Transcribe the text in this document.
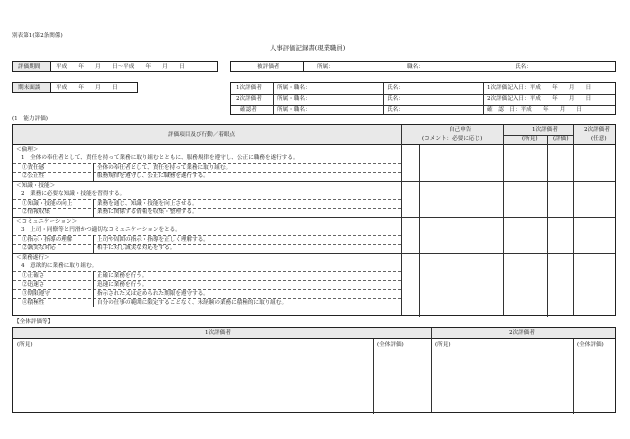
別表第1(第2条関係)
人事評価記録書(現業職員)
評価期間	平成　　年　　月　　日〜平成　　年　　月　　日	被評価者	所属：	職名：	氏名：
期末面談	平成　　年　　月　　日	1次評価者	所属・職名：	氏名：	1次評価記入日：平成　　年　　月　　日
2次評価者	所属・職名：	氏名：	2次評価記入日：平成　　年　　月　　日
確認者	所属・職名：	氏名：	確　認　日：平成　　年　　月　　日
(1　能力評価)
評価項目及び行動／着眼点
自己申告
(コメント：必要に応じ)
1次評価者
(所見)	(評価)
2次評価者
(任意)
＜倫理＞
1　全体の奉仕者として、責任を持って業務に取り組むとともに、服務規律を遵守し、公正に職務を遂行する。
①責任感	全体の奉仕者として、責任を持って業務に取り組む。
②公正性	服務規律を遵守し、公正に職務を遂行する。
＜知識・技能＞
2　業務に必要な知識・技能を習得する。
①知識・技能の向上	業務を通じ、知識・技能を向上させる。
②情報収集	業務に関係する情報を収集・整理する。
＜コミュニケーション＞
3　上司・同僚等と円滑かつ適切なコミュニケーションをとる。
①指示・指導の理解	上司や周囲の指示・指導を正しく理解する。
②誠実な対応	相手に対し誠実な対応をする。
＜業務遂行＞
4　意欲的に業務に取り組む。
①正確さ	正確に業務を行う。
②迅速さ	迅速に業務を行う。
③期限遵守	指示された又は定められた期限を遵守する。
④積極性	自分の仕事の範囲に限定することなく、未経験の業務に積極的に取り組む。
【全体評価等】
1次評価者	2次評価者
(所見)	(全体評価)	(所見)	(全体評価)
